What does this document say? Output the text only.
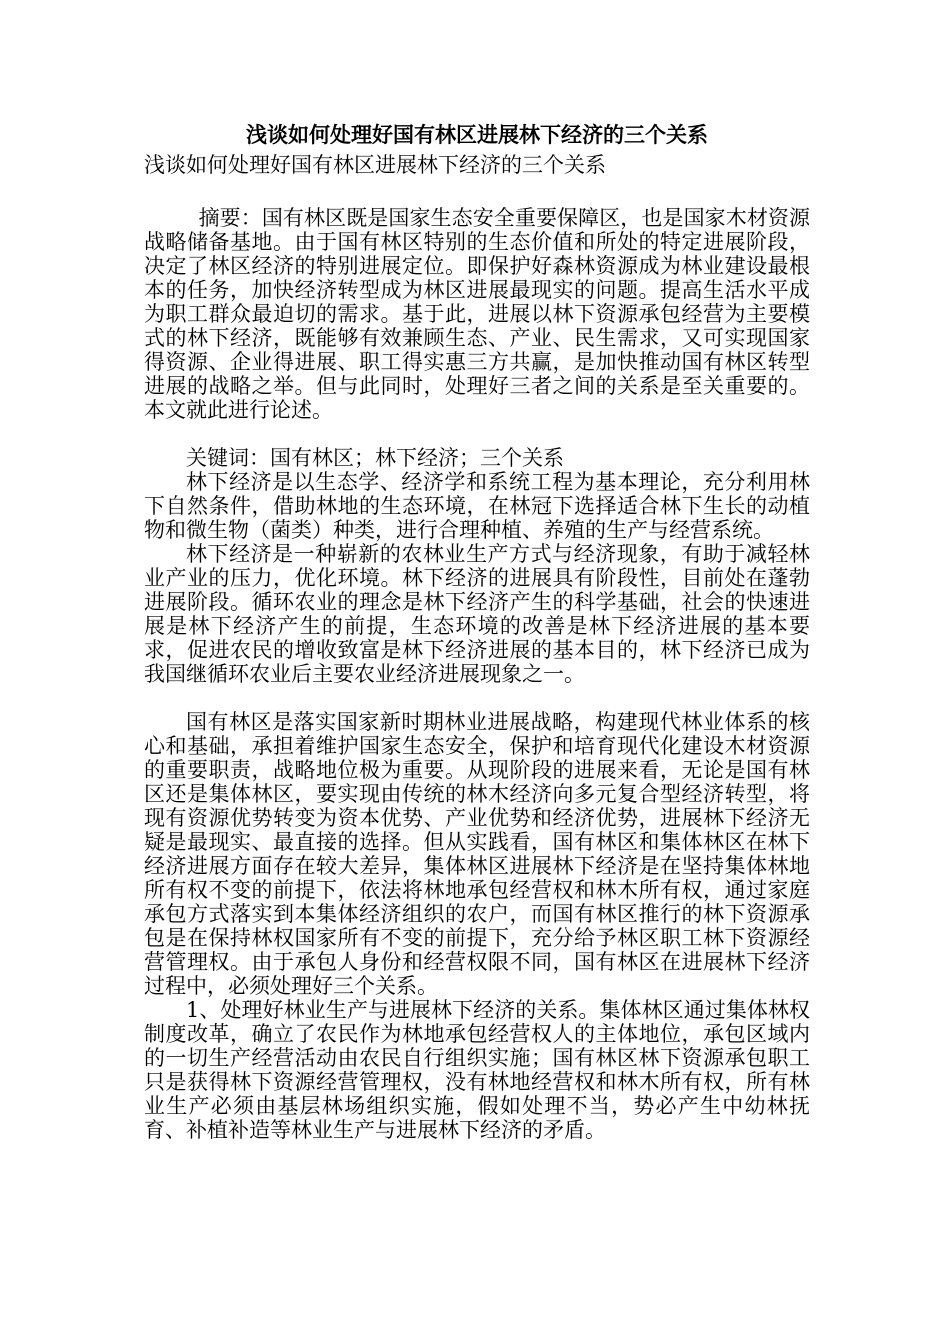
浅谈如何处理好国有林区进展林下经济的三个关系

浅谈如何处理好国有林区进展林下经济的三个关系

摘要：国有林区既是国家生态安全重要保障区，也是国家木材资源战略储备基地。由于国有林区特别的生态价值和所处的特定进展阶段，决定了林区经济的特别进展定位。即保护好森林资源成为林业建设最根本的任务，加快经济转型成为林区进展最现实的问题。提高生活水平成为职工群众最迫切的需求。基于此，进展以林下资源承包经营为主要模式的林下经济，既能够有效兼顾生态、产业、民生需求，又可实现国家得资源、企业得进展、职工得实惠三方共赢，是加快推动国有林区转型进展的战略之举。但与此同时，处理好三者之间的关系是至关重要的。本文就此进行论述。

关键词：国有林区；林下经济；三个关系

林下经济是以生态学、经济学和系统工程为基本理论，充分利用林下自然条件，借助林地的生态环境，在林冠下选择适合林下生长的动植物和微生物（菌类）种类，进行合理种植、养殖的生产与经营系统。

林下经济是一种崭新的农林业生产方式与经济现象，有助于减轻林业产业的压力，优化环境。林下经济的进展具有阶段性，目前处在蓬勃进展阶段。循环农业的理念是林下经济产生的科学基础，社会的快速进展是林下经济产生的前提，生态环境的改善是林下经济进展的基本要求，促进农民的增收致富是林下经济进展的基本目的，林下经济已成为我国继循环农业后主要农业经济进展现象之一。

国有林区是落实国家新时期林业进展战略，构建现代林业体系的核心和基础，承担着维护国家生态安全，保护和培育现代化建设木材资源的重要职责，战略地位极为重要。从现阶段的进展来看，无论是国有林区还是集体林区，要实现由传统的林木经济向多元复合型经济转型，将现有资源优势转变为资本优势、产业优势和经济优势，进展林下经济无疑是最现实、最直接的选择。但从实践看，国有林区和集体林区在林下经济进展方面存在较大差异，集体林区进展林下经济是在坚持集体林地所有权不变的前提下，依法将林地承包经营权和林木所有权，通过家庭承包方式落实到本集体经济组织的农户，而国有林区推行的林下资源承包是在保持林权国家所有不变的前提下，充分给予林区职工林下资源经营管理权。由于承包人身份和经营权限不同，国有林区在进展林下经济过程中，必须处理好三个关系。

1、处理好林业生产与进展林下经济的关系。集体林区通过集体林权制度改革，确立了农民作为林地承包经营权人的主体地位，承包区域内的一切生产经营活动由农民自行组织实施；国有林区林下资源承包职工只是获得林下资源经营管理权，没有林地经营权和林木所有权，所有林业生产必须由基层林场组织实施，假如处理不当，势必产生中幼林抚育、补植补造等林业生产与进展林下经济的矛盾。
